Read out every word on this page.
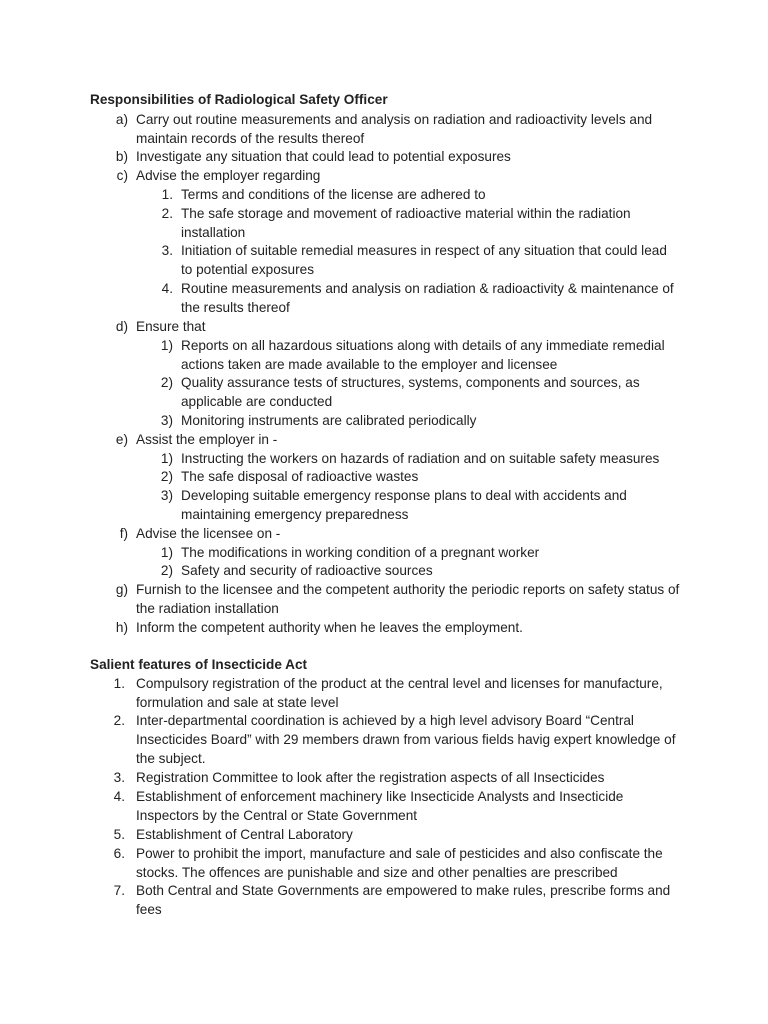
Responsibilities of Radiological Safety Officer
a) Carry out routine measurements and analysis on radiation and radioactivity levels and maintain records of the results thereof
b) Investigate any situation that could lead to potential exposures
c) Advise the employer regarding
1. Terms and conditions of the license are adhered to
2. The safe storage and movement of radioactive material within the radiation installation
3. Initiation of suitable remedial measures in respect of any situation that could lead to potential exposures
4. Routine measurements and analysis on radiation & radioactivity & maintenance of the results thereof
d) Ensure that
1) Reports on all hazardous situations along with details of any immediate remedial actions taken are made available to the employer and licensee
2) Quality assurance tests of structures, systems, components and sources, as applicable are conducted
3) Monitoring instruments are calibrated periodically
e) Assist the employer in -
1) Instructing the workers on hazards of radiation and on suitable safety measures
2) The safe disposal of radioactive wastes
3) Developing suitable emergency response plans to deal with accidents and maintaining emergency preparedness
f) Advise the licensee on -
1) The modifications in working condition of a pregnant worker
2) Safety and security of radioactive sources
g) Furnish to the licensee and the competent authority the periodic reports on safety status of the radiation installation
h) Inform the competent authority when he leaves the employment.
Salient features of Insecticide Act
1. Compulsory registration of the product at the central level and licenses for manufacture, formulation and sale at state level
2. Inter-departmental coordination is achieved by a high level advisory Board “Central Insecticides Board” with 29 members drawn from various fields havig expert knowledge of the subject.
3. Registration Committee to look after the registration aspects of all Insecticides
4. Establishment of enforcement machinery like Insecticide Analysts and Insecticide Inspectors by the Central or State Government
5. Establishment of Central Laboratory
6. Power to prohibit the import, manufacture and sale of pesticides and also confiscate the stocks. The offences are punishable and size and other penalties are prescribed
7. Both Central and State Governments are empowered to make rules, prescribe forms and fees
